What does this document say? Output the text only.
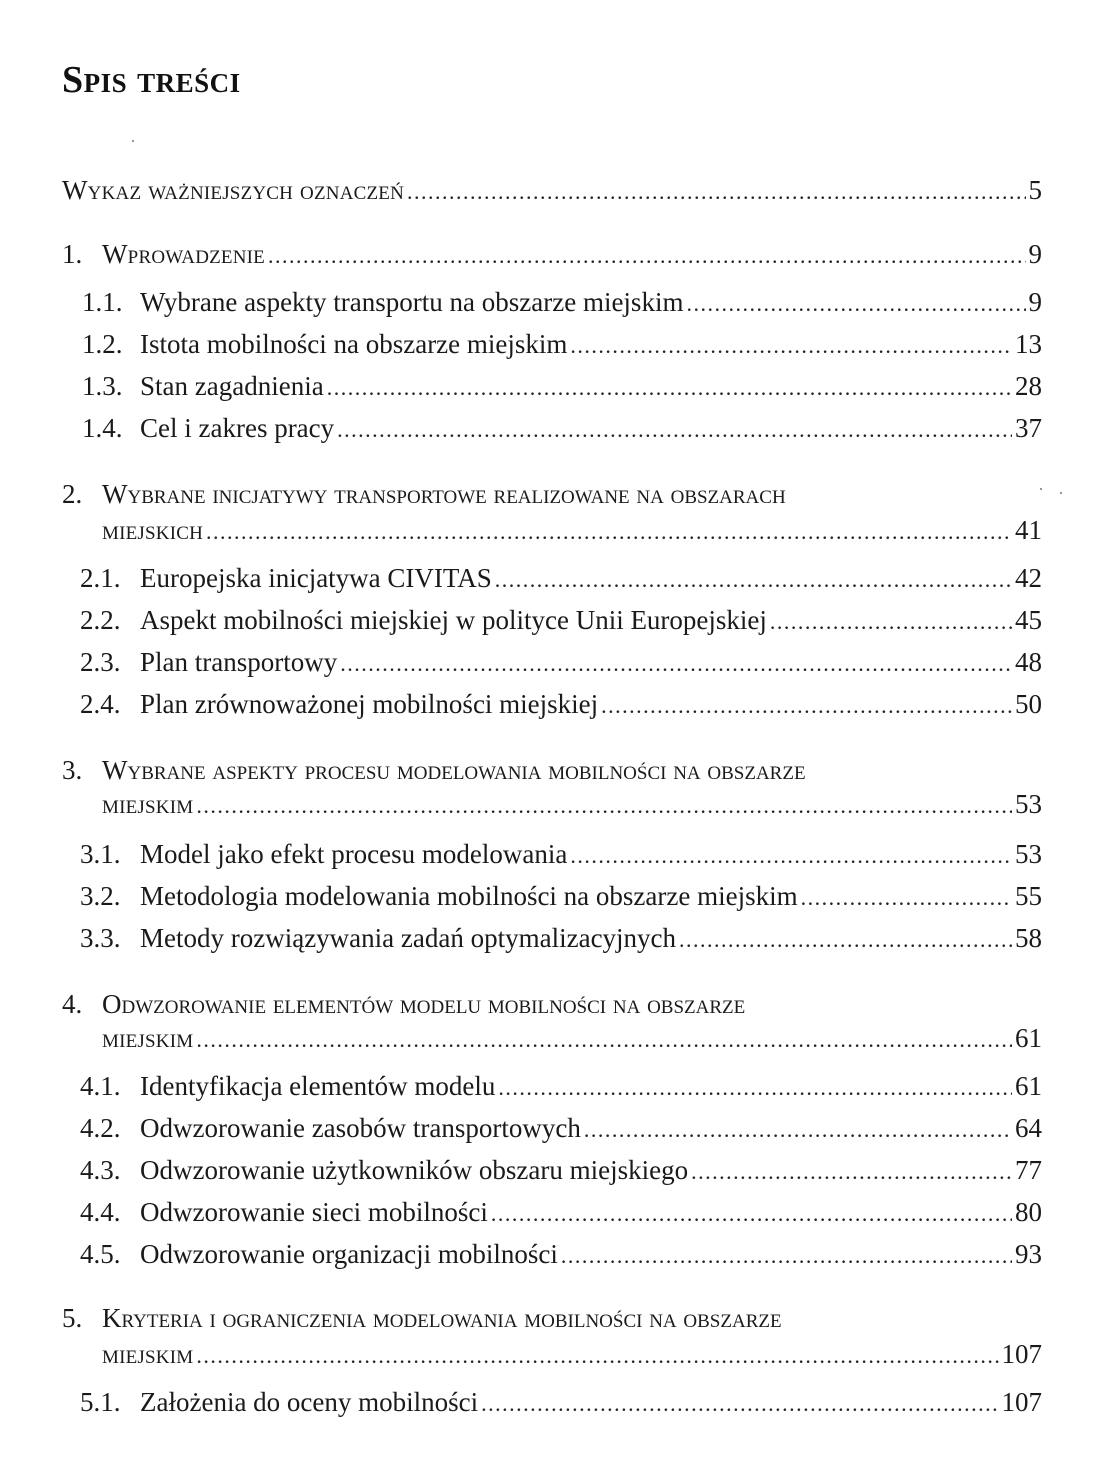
Spis treści
Wykaz ważniejszych oznaczeń .....	5
1. Wprowadzenie .....	9
1.1. Wybrane aspekty transportu na obszarze miejskim .....	9
1.2. Istota mobilności na obszarze miejskim .....	13
1.3. Stan zagadnienia .....	28
1.4. Cel i zakres pracy .....	37
2. Wybrane inicjatywy transportowe realizowane na obszarach
miejskich .....	41
2.1. Europejska inicjatywa CIVITAS .....	42
2.2. Aspekt mobilności miejskiej w polityce Unii Europejskiej .....	45
2.3. Plan transportowy .....	48
2.4. Plan zrównoważonej mobilności miejskiej .....	50
3. Wybrane aspekty procesu modelowania mobilności na obszarze
miejskim .....	53
3.1. Model jako efekt procesu modelowania .....	53
3.2. Metodologia modelowania mobilności na obszarze miejskim .....	55
3.3. Metody rozwiązywania zadań optymalizacyjnych .....	58
4. Odwzorowanie elementów modelu mobilności na obszarze
miejskim .....	61
4.1. Identyfikacja elementów modelu .....	61
4.2. Odwzorowanie zasobów transportowych .....	64
4.3. Odwzorowanie użytkowników obszaru miejskiego .....	77
4.4. Odwzorowanie sieci mobilności .....	80
4.5. Odwzorowanie organizacji mobilności .....	93
5. Kryteria i ograniczenia modelowania mobilności na obszarze
miejskim .....	107
5.1. Założenia do oceny mobilności .....	107
